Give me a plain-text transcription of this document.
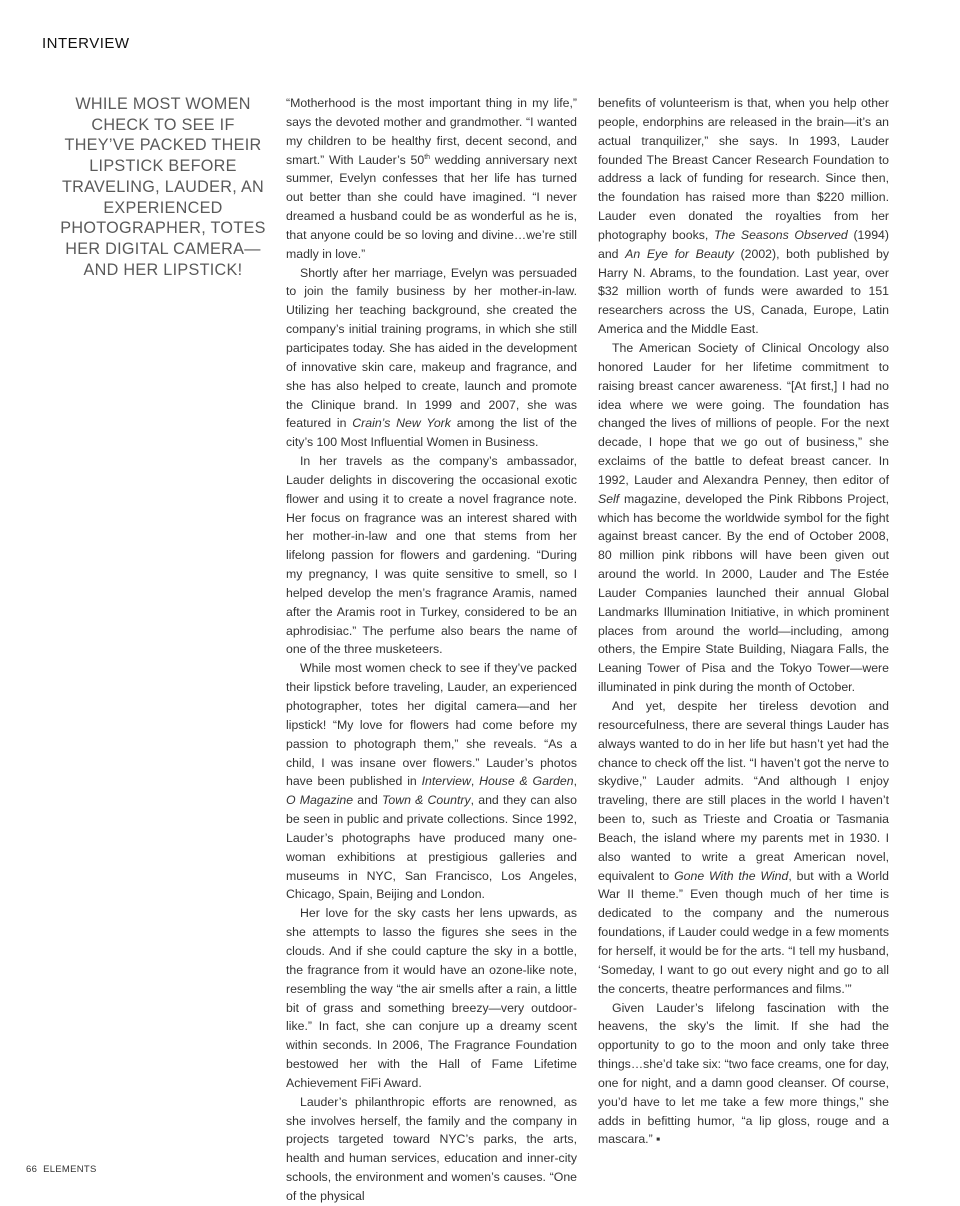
INTERVIEW
WHILE MOST WOMEN CHECK TO SEE IF THEY’VE PACKED THEIR LIPSTICK BEFORE TRAVELING, LAUDER, AN EXPERIENCED PHOTOGRAPHER, TOTES HER DIGITAL CAMERA—AND HER LIPSTICK!

“Motherhood is the most important thing in my life,” says the devoted mother and grandmother. “I wanted my children to be healthy first, decent second, and smart.” With Lauder’s 50th wedding anniversary next summer, Evelyn confesses that her life has turned out better than she could have imagined. “I never dreamed a husband could be as wonderful as he is, that anyone could be so loving and divine…we’re still madly in love.”

Shortly after her marriage, Evelyn was persuaded to join the family business by her mother-in-law. Utilizing her teaching background, she created the company’s initial training programs, in which she still participates today. She has aided in the development of innovative skin care, makeup and fragrance, and she has also helped to create, launch and promote the Clinique brand. In 1999 and 2007, she was featured in Crain’s New York among the list of the city’s 100 Most Influential Women in Business.

In her travels as the company’s ambassador, Lauder delights in discovering the occasional exotic flower and using it to create a novel fragrance note. Her focus on fragrance was an interest shared with her mother-in-law and one that stems from her lifelong passion for flowers and gardening. “During my pregnancy, I was quite sensitive to smell, so I helped develop the men’s fragrance Aramis, named after the Aramis root in Turkey, considered to be an aphrodisiac.” The perfume also bears the name of one of the three musketeers.

While most women check to see if they’ve packed their lipstick before traveling, Lauder, an experienced photographer, totes her digital camera—and her lipstick! “My love for flowers had come before my passion to photograph them,” she reveals. “As a child, I was insane over flowers.” Lauder’s photos have been published in Interview, House & Garden, O Magazine and Town & Country, and they can also be seen in public and private collections. Since 1992, Lauder’s photographs have produced many one-woman exhibitions at prestigious galleries and museums in NYC, San Francisco, Los Angeles, Chicago, Spain, Beijing and London.

Her love for the sky casts her lens upwards, as she attempts to lasso the figures she sees in the clouds. And if she could capture the sky in a bottle, the fragrance from it would have an ozone-like note, resembling the way “the air smells after a rain, a little bit of grass and something breezy—very outdoor-like.” In fact, she can conjure up a dreamy scent within seconds. In 2006, The Fragrance Foundation bestowed her with the Hall of Fame Lifetime Achievement FiFi Award.

Lauder’s philanthropic efforts are renowned, as she involves herself, the family and the company in projects targeted toward NYC’s parks, the arts, health and human services, education and inner-city schools, the environment and women’s causes. “One of the physical

benefits of volunteerism is that, when you help other people, endorphins are released in the brain—it’s an actual tranquilizer,” she says. In 1993, Lauder founded The Breast Cancer Research Foundation to address a lack of funding for research. Since then, the foundation has raised more than $220 million. Lauder even donated the royalties from her photography books, The Seasons Observed (1994) and An Eye for Beauty (2002), both published by Harry N. Abrams, to the foundation. Last year, over $32 million worth of funds were awarded to 151 researchers across the US, Canada, Europe, Latin America and the Middle East.

The American Society of Clinical Oncology also honored Lauder for her lifetime commitment to raising breast cancer awareness. “[At first,] I had no idea where we were going. The foundation has changed the lives of millions of people. For the next decade, I hope that we go out of business,” she exclaims of the battle to defeat breast cancer. In 1992, Lauder and Alexandra Penney, then editor of Self magazine, developed the Pink Ribbons Project, which has become the worldwide symbol for the fight against breast cancer. By the end of October 2008, 80 million pink ribbons will have been given out around the world. In 2000, Lauder and The Estée Lauder Companies launched their annual Global Landmarks Illumination Initiative, in which prominent places from around the world—including, among others, the Empire State Building, Niagara Falls, the Leaning Tower of Pisa and the Tokyo Tower—were illuminated in pink during the month of October.

And yet, despite her tireless devotion and resourcefulness, there are several things Lauder has always wanted to do in her life but hasn’t yet had the chance to check off the list. “I haven’t got the nerve to skydive,” Lauder admits. “And although I enjoy traveling, there are still places in the world I haven’t been to, such as Trieste and Croatia or Tasmania Beach, the island where my parents met in 1930. I also wanted to write a great American novel, equivalent to Gone With the Wind, but with a World War II theme.” Even though much of her time is dedicated to the company and the numerous foundations, if Lauder could wedge in a few moments for herself, it would be for the arts. “I tell my husband, ‘Someday, I want to go out every night and go to all the concerts, theatre performances and films.’”

Given Lauder’s lifelong fascination with the heavens, the sky’s the limit. If she had the opportunity to go to the moon and only take three things…she’d take six: “two face creams, one for day, one for night, and a damn good cleanser. Of course, you’d have to let me take a few more things,” she adds in befitting humor, “a lip gloss, rouge and a mascara.” ▪

66 ELEMENTS
